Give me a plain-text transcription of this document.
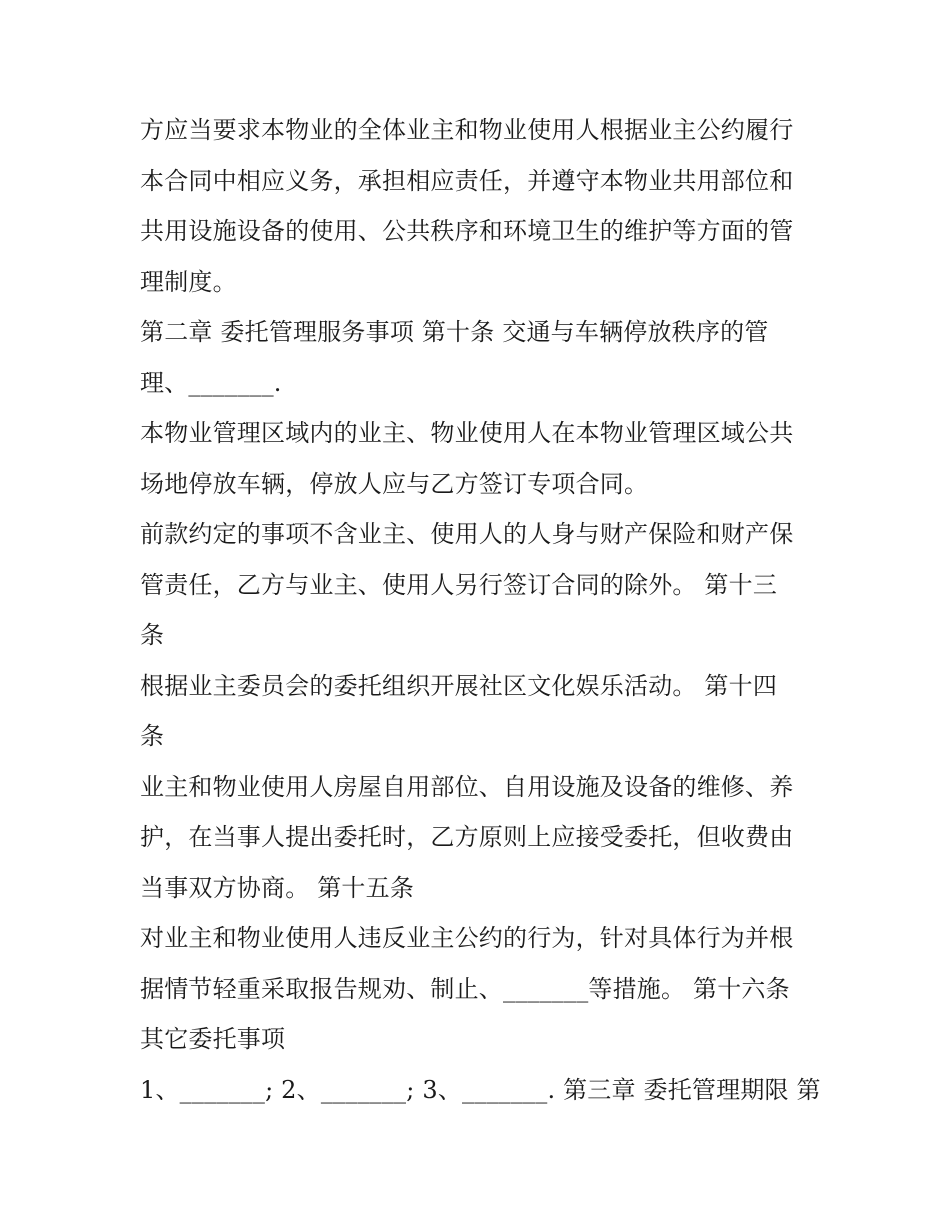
方应当要求本物业的全体业主和物业使用人根据业主公约履行
本合同中相应义务，承担相应责任，并遵守本物业共用部位和
共用设施设备的使用、公共秩序和环境卫生的维护等方面的管
理制度。
第二章 委托管理服务事项 第十条 交通与车辆停放秩序的管
理、_______.
本物业管理区域内的业主、物业使用人在本物业管理区域公共
场地停放车辆，停放人应与乙方签订专项合同。
前款约定的事项不含业主、使用人的人身与财产保险和财产保
管责任，乙方与业主、使用人另行签订合同的除外。 第十三
条
根据业主委员会的委托组织开展社区文化娱乐活动。 第十四
条
业主和物业使用人房屋自用部位、自用设施及设备的维修、养
护，在当事人提出委托时，乙方原则上应接受委托，但收费由
当事双方协商。 第十五条
对业主和物业使用人违反业主公约的行为，针对具体行为并根
据情节轻重采取报告规劝、制止、_______等措施。 第十六条
其它委托事项
1、_______; 2、_______; 3、_______. 第三章 委托管理期限 第
